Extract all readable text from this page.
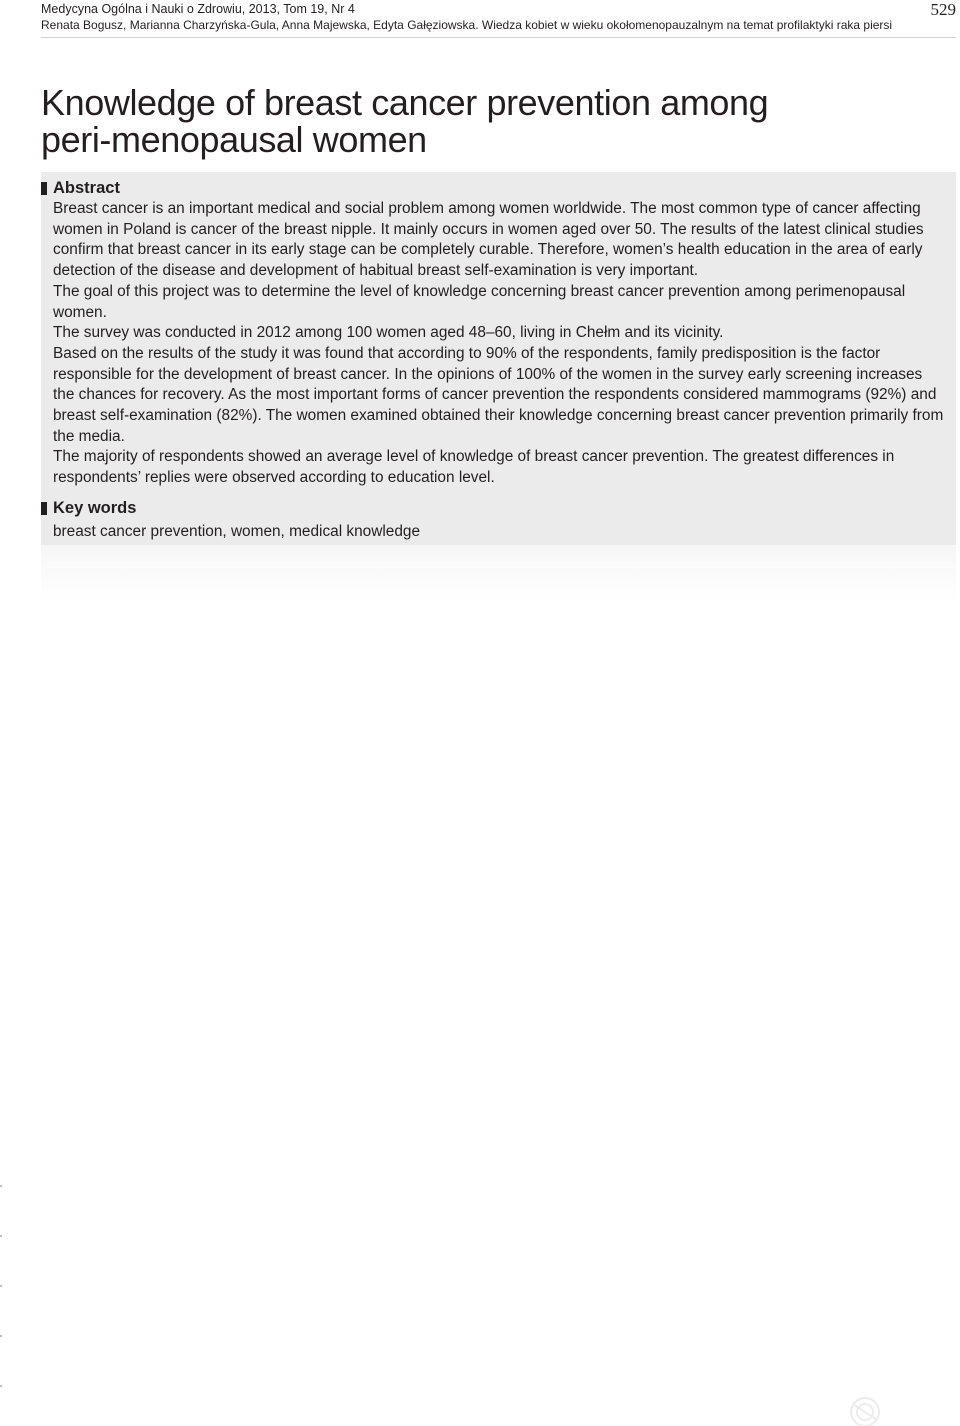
Medycyna Ogólna i Nauki o Zdrowiu, 2013, Tom 19, Nr 4
Renata Bogusz, Marianna Charzyńska-Gula, Anna Majewska, Edyta Gałęziowska. Wiedza kobiet w wieku okołomenopauzalnym na temat profilaktyki raka piersi
529
Knowledge of breast cancer prevention among
peri-menopausal women
Abstract

Breast cancer is an important medical and social problem among women worldwide. The most common type of cancer affecting women in Poland is cancer of the breast nipple. It mainly occurs in women aged over 50. The results of the latest clinical studies confirm that breast cancer in its early stage can be completely curable. Therefore, women’s health education in the area of early detection of the disease and development of habitual breast self-examination is very important.

The goal of this project was to determine the level of knowledge concerning breast cancer prevention among perimenopausal women.

The survey was conducted in 2012 among 100 women aged 48–60, living in Chełm and its vicinity.

Based on the results of the study it was found that according to 90% of the respondents, family predisposition is the factor responsible for the development of breast cancer. In the opinions of 100% of the women in the survey early screening increases the chances for recovery. As the most important forms of cancer prevention the respondents considered mammograms (92%) and breast self-examination (82%). The women examined obtained their knowledge concerning breast cancer prevention primarily from the media.

The majority of respondents showed an average level of knowledge of breast cancer prevention. The greatest differences in respondents’ replies were observed according to education level.

Key words
breast cancer prevention, women, medical knowledge
